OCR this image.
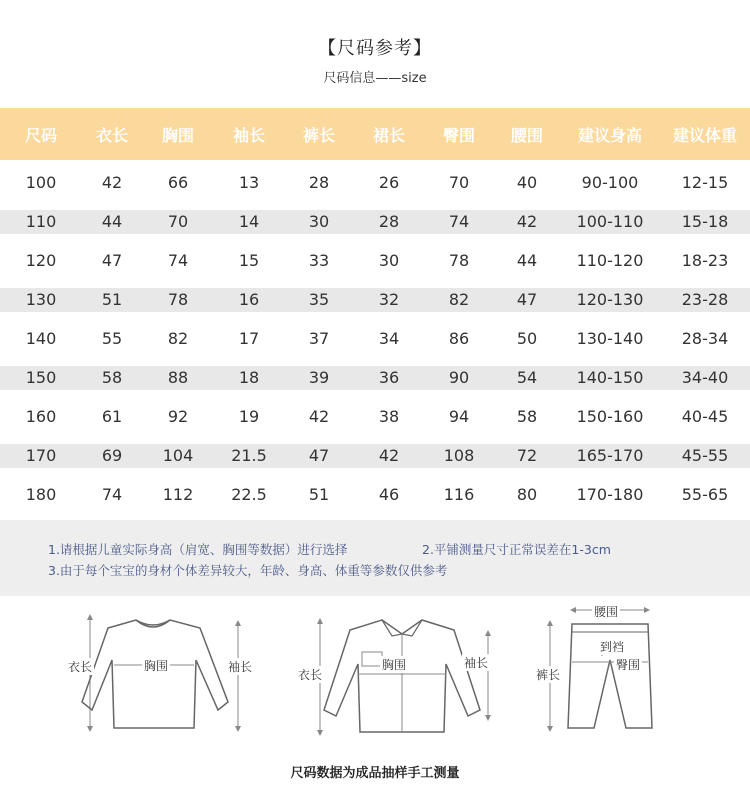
【尺码参考】
尺码信息——size
尺码	衣长	胸围	袖长	裤长	裙长	臀围	腰围	建议身高	建议体重
100	42	66	13	28	26	70	40	90-100	12-15
110	44	70	14	30	28	74	42	100-110	15-18
120	47	74	15	33	30	78	44	110-120	18-23
130	51	78	16	35	32	82	47	120-130	23-28
140	55	82	17	37	34	86	50	130-140	28-34
150	58	88	18	39	36	90	54	140-150	34-40
160	61	92	19	42	38	94	58	150-160	40-45
170	69	104	21.5	47	42	108	72	165-170	45-55
180	74	112	22.5	51	46	116	80	170-180	55-65
1.请根据儿童实际身高（肩宽、胸围等数据）进行选择	2.平铺测量尺寸正常误差在1-3cm
3.由于每个宝宝的身材个体差异较大，年龄、身高、体重等参数仅供参考
衣长	胸围	袖长
衣长
胸围	袖长
腰围
到裆
臀围
裤长
尺码数据为成品抽样手工测量
